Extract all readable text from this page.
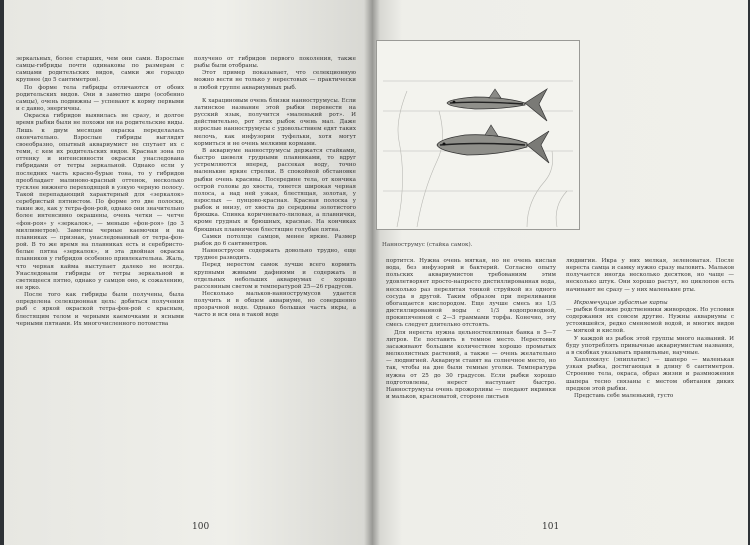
зеркальных, более старших, чем они сами. Взрослые самцы-гибриды почти одинаковы по размерам с самцами родительских видов, самки же гораздо крупнее (до 5 сантиметров).

По форме тела гибриды отличаются от обоих родительских видов. Они в заметно шире (особенно самцы), очень подвижны — успевают к корму первыми и с давно, энергичны.

Окраска гибридов выявилась не сразу, и долгое время рыбки были не похожи ни на родительские виды. Лишь к двум месяцам окраска переделалась окончательно. Взрослые гибриды выглядят своеобразно, опытный аквариумист не спутает их с теми, с кем их родительских видов. Красная зона по оттенку и интенсивности окраски унаследована гибридами от тетры зеркальной. Однако если у последних часть красно-бурые тона, то у гибридов преобладает малиново-красный оттенок, несколько тусклее нижнего переходящей в узкую черную полосу. Такой перепадающий характерный для «зеркалок» серебристый пятнистом. По форме это две полоски, такие же, как у тетра-фон-рой, однако они значительно более интенсивно окрашены, очень четки — четче «фон-роя» у «зеркалок», — меньше «фон-роя» (до 3 миллиметров). Заметны черные каемочки и на плавниках — признак, унаследованный от тетра-фон-рой. В то же время на плавниках есть и серебристо-белые пятна «зеркалок», и эта двойная окраска плавников у гибридов особенно привлекательна. Жаль, что черная кайма выступает далеко не всегда. Унаследовали гибриды от тетры зеркальной и светящееся пятно, однако у самцов оно, к сожалению, не ярко.

После того как гибриды были получены, была определена селекционная цель: добиться получения рыб с яркой окраской тетра-фон-рой с красным, блестящим телом и черными каемочками и ясными черными пятнами. Их многочисленного потомства

получено от гибридов первого поколения, также рыбы были отобраны.

Этот пример показывает, что селекционную можно вести не только у нерестовых — практически в любой группе аквариумных рыб.

К харациновым очень близки наннострумусы. Если латинское название этой рыбки перевести на русский язык, получится «маленький рот». И действительно, рот этих рыбок очень мал. Даже взрослые наннострумусы с удовольствием едят таких мелочь, как инфузории туфельки, хотя могут кормиться и не очень мелкими кормами.

В аквариуме наннострумусы держатся стайками, быстро шевеля грудными плавниками, то вдруг устремляются вперед, рассекая воду, точно маленькие яркие стрелки. В спокойной обстановке рыбки очень красивы. Посередине тела, от кончика острой головы до хвоста, тянется широкая черная полоса, а над ней узкая, блестящая, золотая, у взрослых — пунцово-красная. Красная полоска у рыбок и внизу, от хвоста до середины золотистого брюшка. Спинка коричневато-лиловая, а плавнички, кроме грудных и брюшных, красные. На кончиках брюшных плавничков блестящие голубые пятна.

Самки потолще самцов, менее яркие. Размер рыбок до 6 сантиметров.

Наннострусов содержать довольно трудно, еще труднее разводить.

Перед нерестом самок лучше всего кормить крупными живыми дафниями и содержать в отдельных небольших аквариумах с хорошо рассеянным светом и температурой 25—26 градусов.

Несколько мальков-наннострумусов удается получить и в общем аквариуме, но совершенно прозрачной воде. Однако большая часть икры, а часто и вся она в такой воде

100
Наннострумус (стайка самок).

портится. Нужна очень мягкая, но не очень кислая вода, без инфузорий и бактерий. Согласно опыту польских аквариумистов требованиям этим удовлетворяет просто-напросто дистиллированная вода, несколько раз перелитая тонкой струйкой из одного сосуда в другой. Таким образом при переливании обогащается кислородом. Еще лучше смесь из 1/3 дистиллированной воды с 1/3 водопроводной, прокипяченной с 2—3 граммами торфа. Конечно, эту смесь следует длительно отстоять.

Для нереста нужна цельностеклянная банка в 5—7 литров. Ее поставить в темное место. Нерестовик засаживают большим количеством хорошо промытых мелколистных растений, а также — очень желательно — людвигией. Аквариум ставят на солнечное место, но так, чтобы на дне были темные уголки. Температура нужна от 25 до 30 градусов. Если рыбки хорошо подготовлены, нерест наступает быстро. Наннострумусы очень прожорливы — поедают икринки и мальков, красноватой, стороне листьев

людвигии. Икра у них мелкая, зеленоватая. После нереста самца и самку нужно сразу выловить. Мальков получается иногда несколько десятков, но чаще — несколько штук. Они хорошо растут, но циклопов есть начинают не сразу — у них маленькие рты.

Икромечущие зубастые карпы

— рыбки близкие родственники живородок. Но условия содержания их совсем другие. Нужны аквариумы с устоявшейся, редко сменяемой водой, и многих видов — мягкой и кислой.

У каждой из рыбок этой группы много названий. И буду употреблять привычные аквариумистам названия, а в скобках указывать правильные, научные.

Хаплохилус (эпиплатис) — шаперо — маленькая узкая рыбка, достигающая в длину 6 сантиметров. Строение тела, окраса, образ жизни и размножения шапера тесно связаны с местом обитания диких предков этой рыбки.

Представь себе маленький, густо

101
